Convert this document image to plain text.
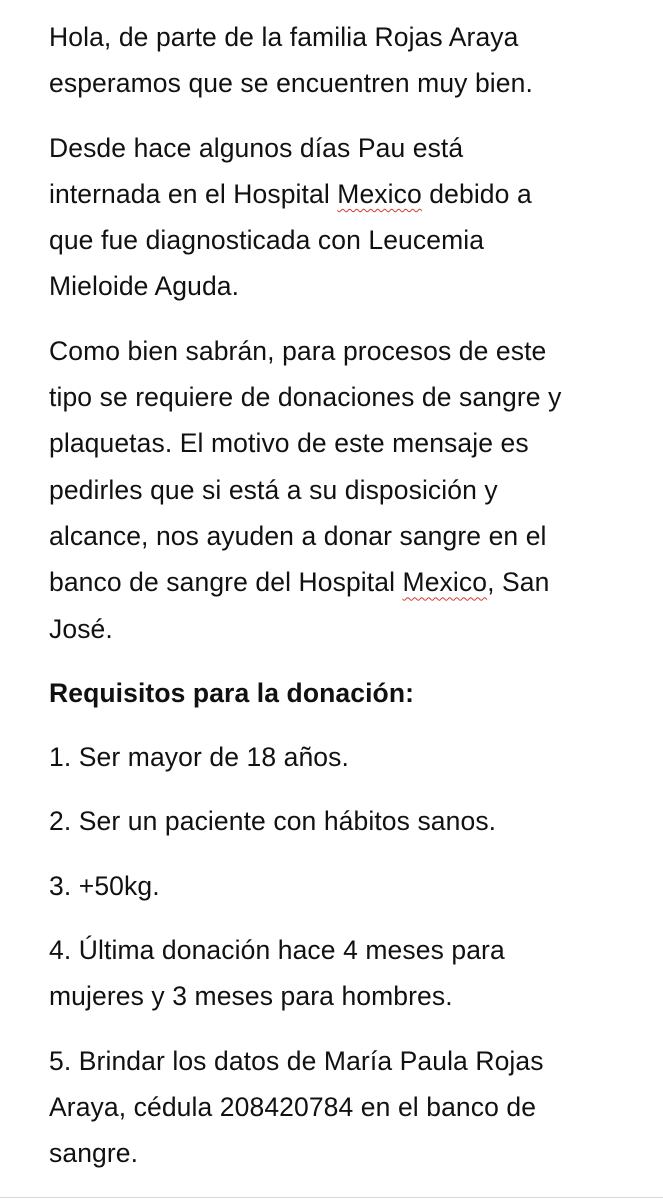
Hola, de parte de la familia Rojas Araya
esperamos que se encuentren muy bien.

Desde hace algunos días Pau está
internada en el Hospital Mexico debido a
que fue diagnosticada con Leucemia
Mieloide Aguda.

Como bien sabrán, para procesos de este
tipo se requiere de donaciones de sangre y
plaquetas. El motivo de este mensaje es
pedirles que si está a su disposición y
alcance, nos ayuden a donar sangre en el
banco de sangre del Hospital Mexico, San
José.

Requisitos para la donación:

1. Ser mayor de 18 años.

2. Ser un paciente con hábitos sanos.

3. +50kg.

4. Última donación hace 4 meses para
mujeres y 3 meses para hombres.

5. Brindar los datos de María Paula Rojas
Araya, cédula 208420784 en el banco de
sangre.
